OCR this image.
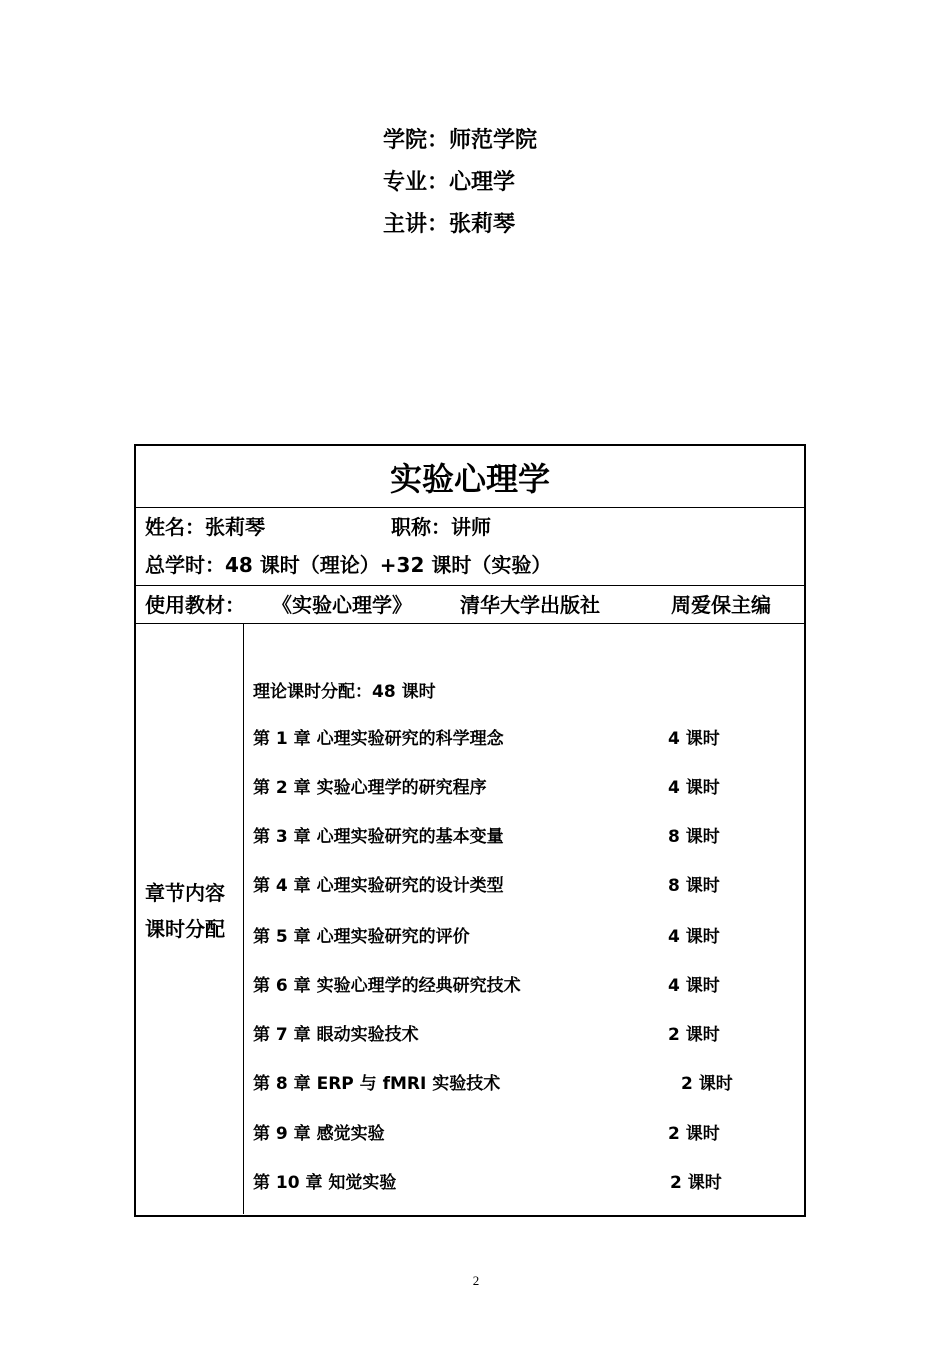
学院：师范学院
专业：心理学
主讲：张莉琴
实验心理学
姓名：张莉琴	职称：讲师
总学时：48 课时（理论）+32 课时（实验）
使用教材：	《实验心理学》	清华大学出版社	周爱保主编
章节内容
课时分配
理论课时分配：48 课时
第 1 章 心理实验研究的科学理念	4 课时
第 2 章 实验心理学的研究程序	4 课时
第 3 章 心理实验研究的基本变量	8 课时
第 4 章 心理实验研究的设计类型	8 课时
第 5 章 心理实验研究的评价	4 课时
第 6 章 实验心理学的经典研究技术	4 课时
第 7 章 眼动实验技术	2 课时
第 8 章 ERP 与 fMRI 实验技术	2 课时
第 9 章 感觉实验	2 课时
第 10 章 知觉实验	2 课时
2
